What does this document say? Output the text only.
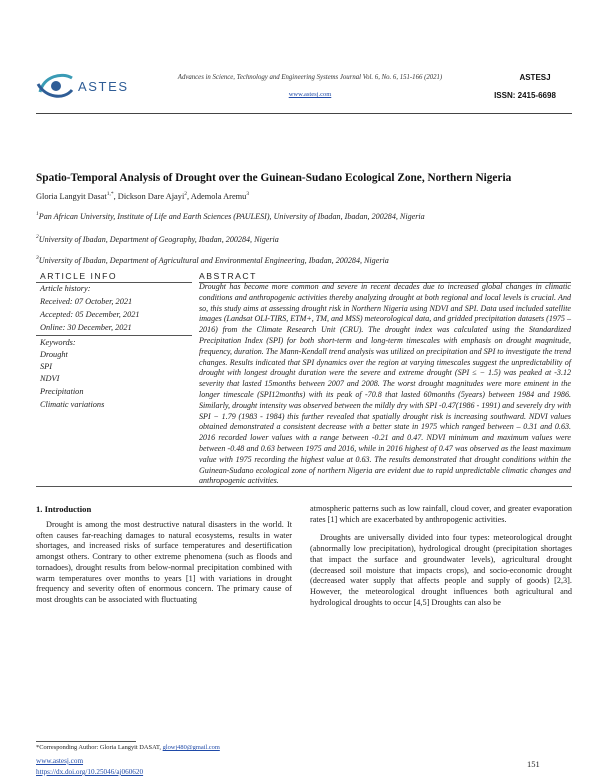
ASTES
Advances in Science, Technology and Engineering Systems Journal Vol. 6, No. 6, 151-166 (2021)
www.astesj.com
ASTESJ
ISSN: 2415-6698
Spatio-Temporal Analysis of Drought over the Guinean-Sudano Ecological Zone, Northern Nigeria
Gloria Langyit Dasat$^{1,*}$, Dickson Dare Ajayi$^2$, Ademola Aremu$^3$
$^1$Pan African University, Institute of Life and Earth Sciences (PAULESI), University of Ibadan, Ibadan, 200284, Nigeria
$^2$University of Ibadan, Department of Geography, Ibadan, 200284, Nigeria
$^3$University of Ibadan, Department of Agricultural and Environmental Engineering, Ibadan, 200284, Nigeria
ARTICLE INFO
Article history:
Received: 07 October, 2021
Accepted: 05 December, 2021
Online: 30 December, 2021
Keywords:
Drought
SPI
NDVI
Precipitation
Climatic variations
ABSTRACT
Drought has become more common and severe in recent decades due to increased global changes in climatic conditions and anthropogenic activities thereby analyzing drought at both regional and local levels is crucial. And so, this study aims at assessing drought risk in Northern Nigeria using NDVI and SPI. Data used included satellite images (Landsat OLI-TIRS, ETM+, TM, and MSS) meteorological data, and gridded precipitation datasets (1975 – 2016) from the Climate Research Unit (CRU). The drought index was calculated using the Standardized Precipitation Index (SPI) for both short-term and long-term timescales with emphasis on drought magnitude, frequency, duration. The Mann-Kendall trend analysis was utilized on precipitation and SPI to investigate the trend changes. Results indicated that SPI dynamics over the region at varying timescales suggest the unpredictability of drought with longest drought duration were the severe and extreme drought (SPI ≤ − 1.5) was peaked at -3.12 severity that lasted 15months between 2007 and 2008. The worst drought magnitudes were more eminent in the longer timescale (SPI12months) with its peak of -70.8 that lasted 60months (5years) between 1984 and 1986. Similarly, drought intensity was observed between the mildly dry with SPI -0.47(1986 - 1991) and severely dry with SPI − 1.79 (1983 - 1984) this further revealed that spatially drought risk is increasing southward. NDVI values obtained demonstrated a consistent decrease with a better state in 1975 which ranged between – 0.31 and 0.63. 2016 recorded lower values with a range between -0.21 and 0.47. NDVI minimum and maximum values were between -0.48 and 0.63 between 1975 and 2016, while in 2016 highest of 0.47 was observed as the least maximum value with 1975 recording the highest value at 0.63. The results demonstrated that drought conditions within the Guinean-Sudano ecological zone of northern Nigeria are evident due to rapid unpredictable climatic changes and anthropogenic activities.
1. Introduction

Drought is among the most destructive natural disasters in the world. It often causes far-reaching damages to natural ecosystems, results in water shortages, and increased risks of surface temperatures and desertification amongst others. Contrary to other extreme phenomena (such as floods and tornadoes), drought results from below-normal precipitation combined with warm temperatures over months to years [1] with variations in drought frequency and severity often of enormous concern. The primary cause of most droughts can be associated with fluctuating

atmospheric patterns such as low rainfall, cloud cover, and greater evaporation rates [1] which are exacerbated by anthropogenic activities.

Droughts are universally divided into four types: meteorological drought (abnormally low precipitation), hydrological drought (precipitation shortages that impact the surface and groundwater levels), agricultural drought (decreased soil moisture that impacts crops), and socio-economic drought (decreased water supply that affects people and supply of goods) [2,3]. However, the meteorological drought influences both agricultural and hydrological droughts to occur [4,5] Droughts can also be

*Corresponding Author: Gloria Langyit DASAT, glowj480@gmail.com
www.astesj.com
https://dx.doi.org/10.25046/aj060620
151
